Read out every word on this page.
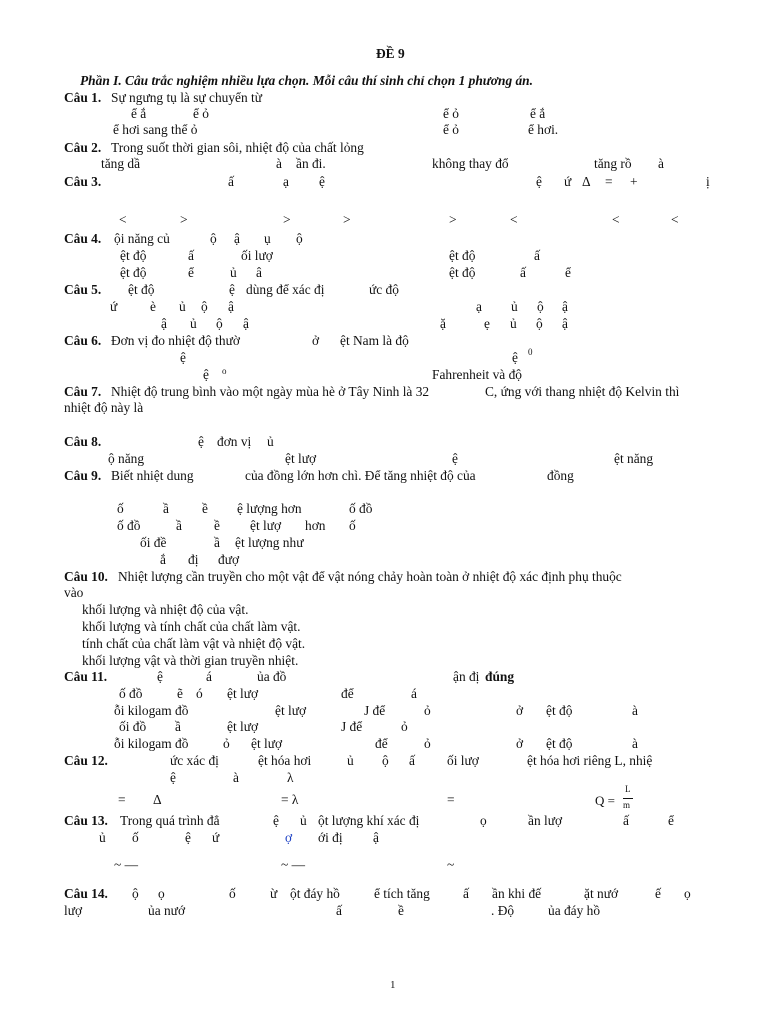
ĐỀ 9
Phần I. Câu trắc nghiệm nhiều lựa chọn. Mỗi câu thí sinh chỉ chọn 1 phương án.
Câu 1. Sự ngưng tụ là sự chuyển từ
ể ắ	ể ỏ	ể ỏ	ể ắ
ể hơi sang thể ỏ	ể ỏ	ể hơi.
Câu 2. Trong suốt thời gian sôi, nhiệt độ của chất lỏng
tăng dầ	à ần đi.	không thay đổ	tăng rồ à
Câu 3.	ấ	ạ ệ	ệ ứ Δ = +	ị
<	>	>	>	>	<	<	<
Câu 4. ội năng củ	ộ ậ ụ ộ
ệt độ	ấ	ối lượ	ệt độ	ấ
ệt độ	ể	ủ â	ệt độ	ấ	ể
Câu 5. ệt độ	ệ dùng để xác đị	ức độ
ứ è ủ ộ ậ	ạ ủ ộ ậ
ậ ủ ộ ậ	ặ	ẹ ủ ộ ậ
Câu 6. Đơn vị đo nhiệt độ thườ	ở ệt Nam là độ
ệ	ệ 0
ệ o	Fahrenheit và độ
Câu 7. Nhiệt độ trung bình vào một ngày mùa hè ở Tây Ninh là 32	C, ứng với thang nhiệt độ Kelvin thì
nhiệt độ này là
Câu 8.	ệ đơn vị ủ
ộ năng	ệt lượ	ệ	ệt năng
Câu 9. Biết nhiệt dung	của đồng lớn hơn chì. Để tăng nhiệt độ của	đồng
ố	ầ ề ệ lượng hơn	ố đồ
ố đồ	ầ ề ệt lượ hơn ố
ối đề	ầ ệt lượng như
ắ đị đượ
Câu 10. Nhiệt lượng cần truyền cho một vật để vật nóng chảy hoàn toàn ở nhiệt độ xác định phụ thuộc
vào
khối lượng và nhiệt độ của vật.
khối lượng và tính chất của chất làm vật.
tính chất của chất làm vật và nhiệt độ vật.
khối lượng vật và thời gian truyền nhiệt.
Câu 11.	ệ	á	ủa đồ	ận đị đúng
ố đồ	ẽ ó ệt lượ	để	á
ỗi kilogam đồ	ệt lượ	J để	ỏ	ở ệt độ	à
ối đồ ầ	ệt lượ	J để	ỏ
ỗi kilogam đồ	ỏ ệt lượ	để	ỏ	ở ệt độ	à
Câu 12.	ức xác đị	ệt hóa hơi	ủ ộ ấ ối lượ	ệt hóa hơi riêng L, nhiệ
ệ	à	λ
= Δ	= λ	=	Q =
L
m
Câu 13. Trong quá trình đẳ	ệ ủ ột lượng khí xác đị	ọ	ần lượ	ấ	ể
ủ ố	ệ ứ	ợ ới đị ậ
~ —	~ —	~
Câu 14. ộ ọ	ố	ừ ột đáy hồ	ể tích tăng ấ ần khi đế	ặt nướ	ế ọ
lượ	ủa nướ	ấ	ề	. Độ	ủa đáy hồ
1
